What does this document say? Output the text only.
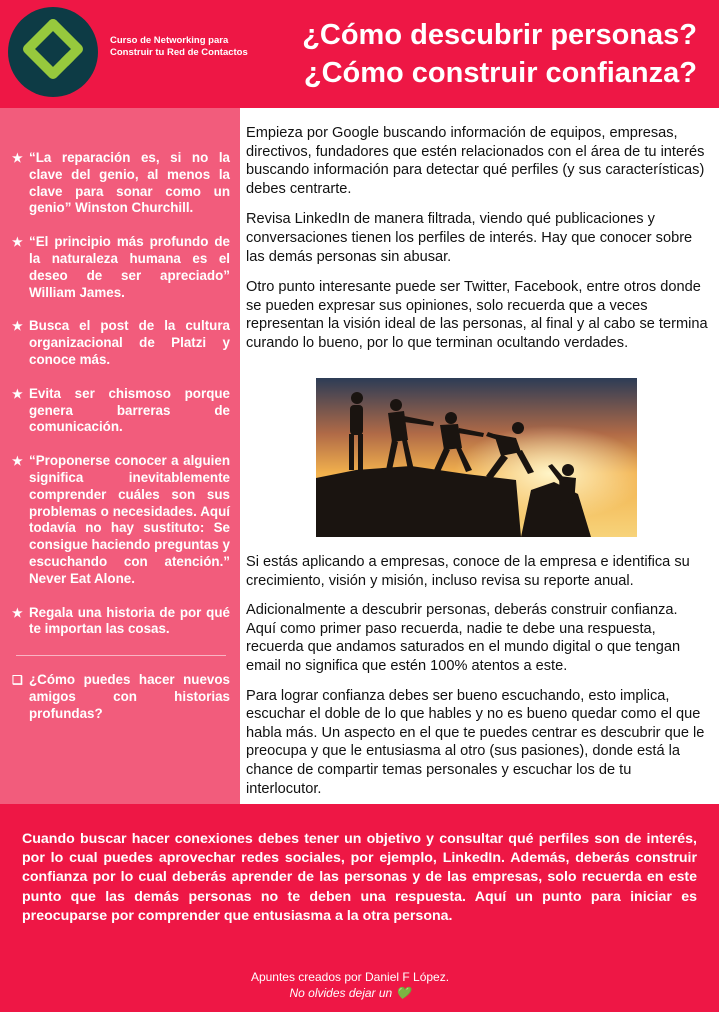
Curso de Networking para Construir tu Red de Contactos
¿Cómo descubrir personas?
¿Cómo construir confianza?
★ “La reparación es, si no la clave del genio, al menos la clave para sonar como un genio” Winston Churchill.
★ “El principio más profundo de la naturaleza humana es el deseo de ser apreciado” William James.
★ Busca el post de la cultura organizacional de Platzi y conoce más.
★ Evita ser chismoso porque genera barreras de comunicación.
★ “Proponerse conocer a alguien significa inevitablemente comprender cuáles son sus problemas o necesidades. Aquí todavía no hay sustituto: Se consigue haciendo preguntas y escuchando con atención.” Never Eat Alone.
★ Regala una historia de por qué te importan las cosas.
❑ ¿Cómo puedes hacer nuevos amigos con historias profundas?

Empieza por Google buscando información de equipos, empresas, directivos, fundadores que estén relacionados con el área de tu interés buscando información para detectar qué perfiles (y sus características) debes centrarte.

Revisa LinkedIn de manera filtrada, viendo qué publicaciones y conversaciones tienen los perfiles de interés. Hay que conocer sobre las demás personas sin abusar.

Otro punto interesante puede ser Twitter, Facebook, entre otros donde se pueden expresar sus opiniones, solo recuerda que a veces representan la visión ideal de las personas, al final y al cabo se termina curando lo bueno, por lo que terminan ocultando verdades.

Si estás aplicando a empresas, conoce de la empresa e identifica su crecimiento, visión y misión, incluso revisa su reporte anual.

Adicionalmente a descubrir personas, deberás construir confianza. Aquí como primer paso recuerda, nadie te debe una respuesta, recuerda que andamos saturados en el mundo digital o que tengan email no significa que estén 100% atentos a este.

Para lograr confianza debes ser bueno escuchando, esto implica, escuchar el doble de lo que hables y no es bueno quedar como el que habla más. Un aspecto en el que te puedes centrar es descubrir que le preocupa y que le entusiasma al otro (sus pasiones), donde está la chance de compartir temas personales y escuchar los de tu interlocutor.

Cuando buscar hacer conexiones debes tener un objetivo y consultar qué perfiles son de interés, por lo cual puedes aprovechar redes sociales, por ejemplo, LinkedIn. Además, deberás construir confianza por lo cual deberás aprender de las personas y de las empresas, solo recuerda en este punto que las demás personas no te deben una respuesta. Aquí un punto para iniciar es preocuparse por comprender que entusiasma a la otra persona.
Apuntes creados por Daniel F López.
No olvides dejar un 💚
